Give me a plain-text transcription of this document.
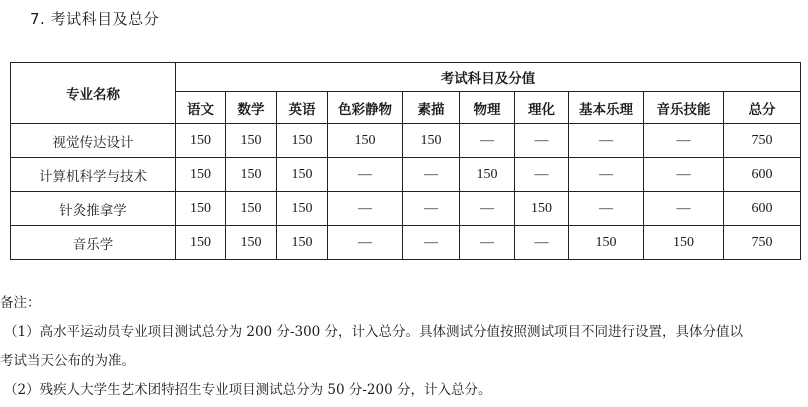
7. 考试科目及总分
专业名称	考试科目及分值									
	语文	数学	英语	色彩静物	素描	物理	理化	基本乐理	音乐技能	总分
视觉传达设计	150	150	150	150	150	—	—	—	—	750
计算机科学与技术	150	150	150	—	—	150	—	—	—	600
针灸推拿学	150	150	150	—	—	—	150	—	—	600
音乐学	150	150	150	—	—	—	—	150	150	750
备注：
（1）高水平运动员专业项目测试总分为 200 分-300 分，计入总分。具体测试分值按照测试项目不同进行设置，具体分值以
考试当天公布的为准。
（2）残疾人大学生艺术团特招生专业项目测试总分为 50 分-200 分，计入总分。
